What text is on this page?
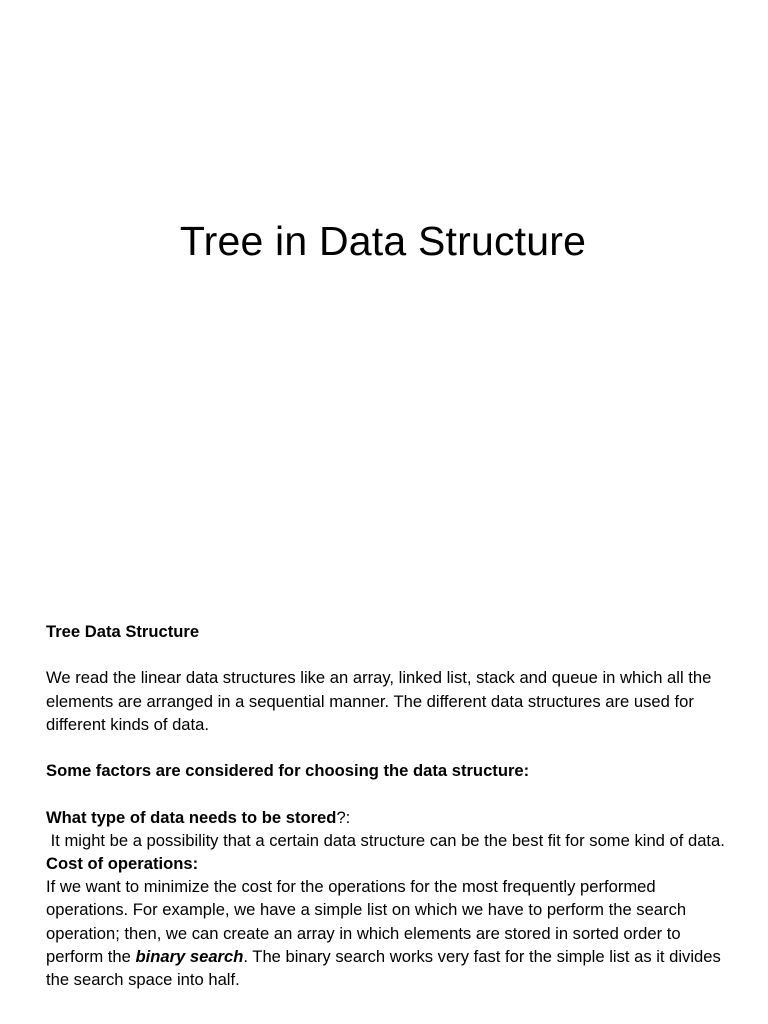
Tree in Data Structure

Tree Data Structure

We read the linear data structures like an array, linked list, stack and queue in which all the elements are arranged in a sequential manner. The different data structures are used for different kinds of data.

Some factors are considered for choosing the data structure:

What type of data needs to be stored?:

It might be a possibility that a certain data structure can be the best fit for some kind of data.

Cost of operations:

If we want to minimize the cost for the operations for the most frequently performed operations. For example, we have a simple list on which we have to perform the search operation; then, we can create an array in which elements are stored in sorted order to perform the binary search. The binary search works very fast for the simple list as it divides the search space into half.
